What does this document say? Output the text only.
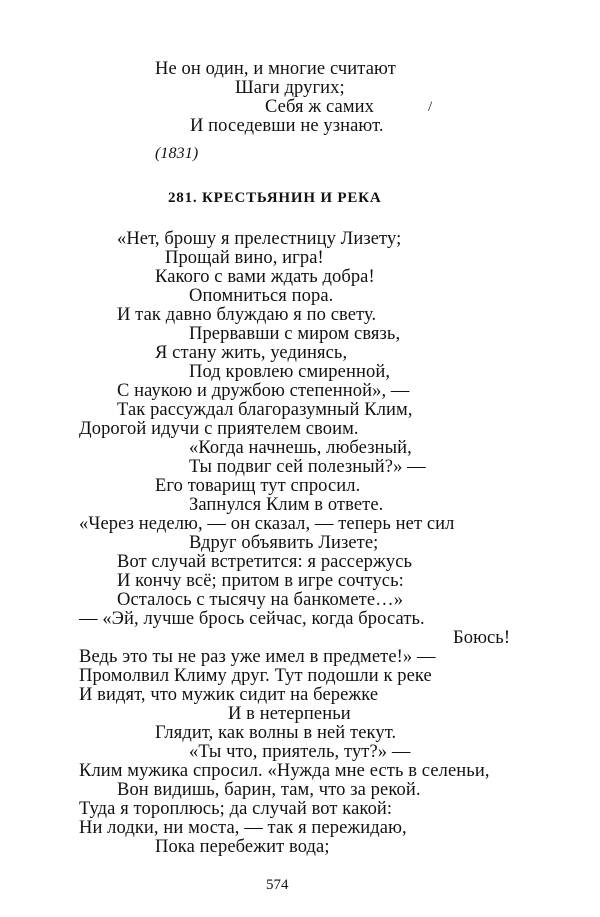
Не он один, и многие считают
Шаги других;
Себя ж самих	/
И поседевши не узнают.
(1831)
281. КРЕСТЬЯНИН И РЕКА
«Нет, брошу я прелестницу Лизету;
Прощай вино, игра!
Какого с вами ждать добра!
Опомниться пора.
И так давно блуждаю я по свету.
Прервавши с миром связь,
Я стану жить, уединясь,
Под кровлею смиренной,
С наукою и дружбою степенной», —
Так рассуждал благоразумный Клим,
Дорогой идучи с приятелем своим.
«Когда начнешь, любезный,
Ты подвиг сей полезный?» —
Его товарищ тут спросил.
Запнулся Клим в ответе.
«Через неделю, — он сказал, — теперь нет сил
Вдруг объявить Лизете;
Вот случай встретится: я рассержусь
И кончу всё; притом в игре сочтусь:
Осталось с тысячу на банкомете…»
— «Эй, лучше брось сейчас, когда бросать.
Боюсь!
Ведь это ты не раз уже имел в предмете!» —
Промолвил Климу друг. Тут подошли к реке
И видят, что мужик сидит на бережке
И в нетерпеньи
Глядит, как волны в ней текут.
«Ты что, приятель, тут?» —
Клим мужика спросил. «Нужда мне есть в селеньи,
Вон видишь, барин, там, что за рекой.
Туда я тороплюсь; да случай вот какой:
Ни лодки, ни моста, — так я пережидаю,
Пока перебежит вода;
574
